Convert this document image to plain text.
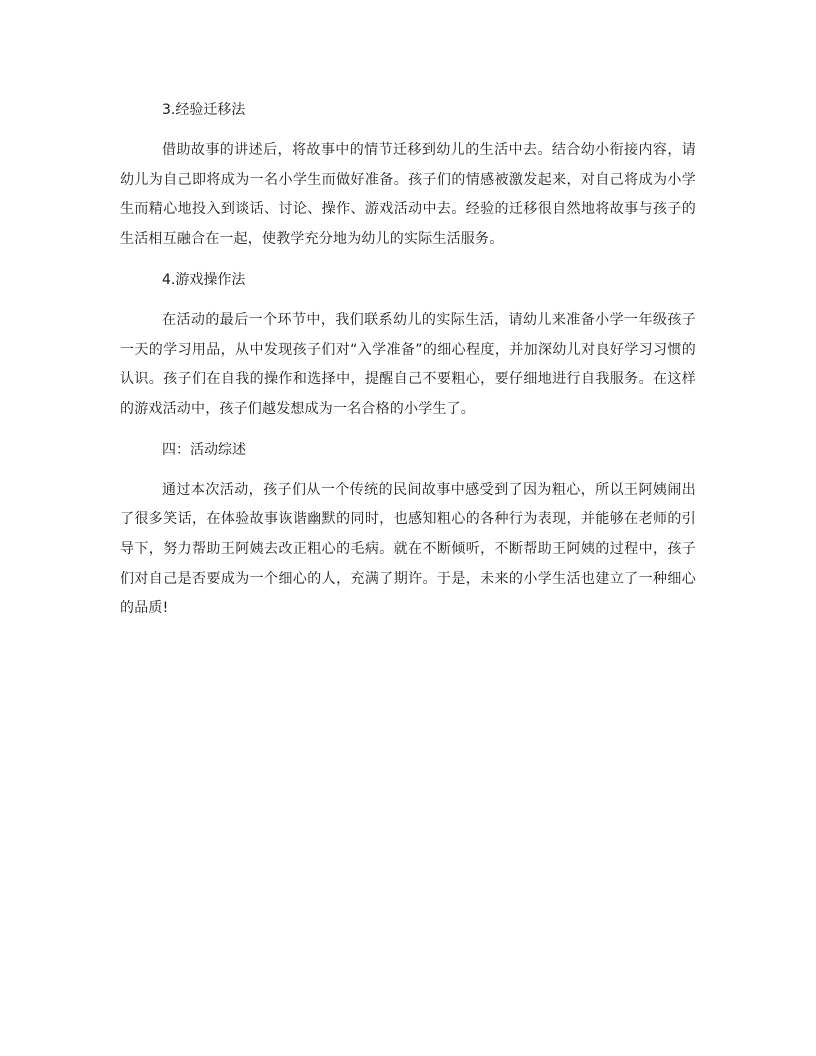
3.经验迁移法

借助故事的讲述后，将故事中的情节迁移到幼儿的生活中去。结合幼小衔接内容，请幼儿为自己即将成为一名小学生而做好准备。孩子们的情感被激发起来，对自己将成为小学生而精心地投入到谈话、讨论、操作、游戏活动中去。经验的迁移很自然地将故事与孩子的生活相互融合在一起，使教学充分地为幼儿的实际生活服务。

4.游戏操作法

在活动的最后一个环节中，我们联系幼儿的实际生活，请幼儿来准备小学一年级孩子一天的学习用品，从中发现孩子们对“入学准备”的细心程度，并加深幼儿对良好学习习惯的认识。孩子们在自我的操作和选择中，提醒自己不要粗心，要仔细地进行自我服务。在这样的游戏活动中，孩子们越发想成为一名合格的小学生了。

四：活动综述

通过本次活动，孩子们从一个传统的民间故事中感受到了因为粗心，所以王阿姨闹出了很多笑话，在体验故事诙谐幽默的同时，也感知粗心的各种行为表现，并能够在老师的引导下，努力帮助王阿姨去改正粗心的毛病。就在不断倾听，不断帮助王阿姨的过程中，孩子们对自己是否要成为一个细心的人，充满了期许。于是，未来的小学生活也建立了一种细心的品质!
